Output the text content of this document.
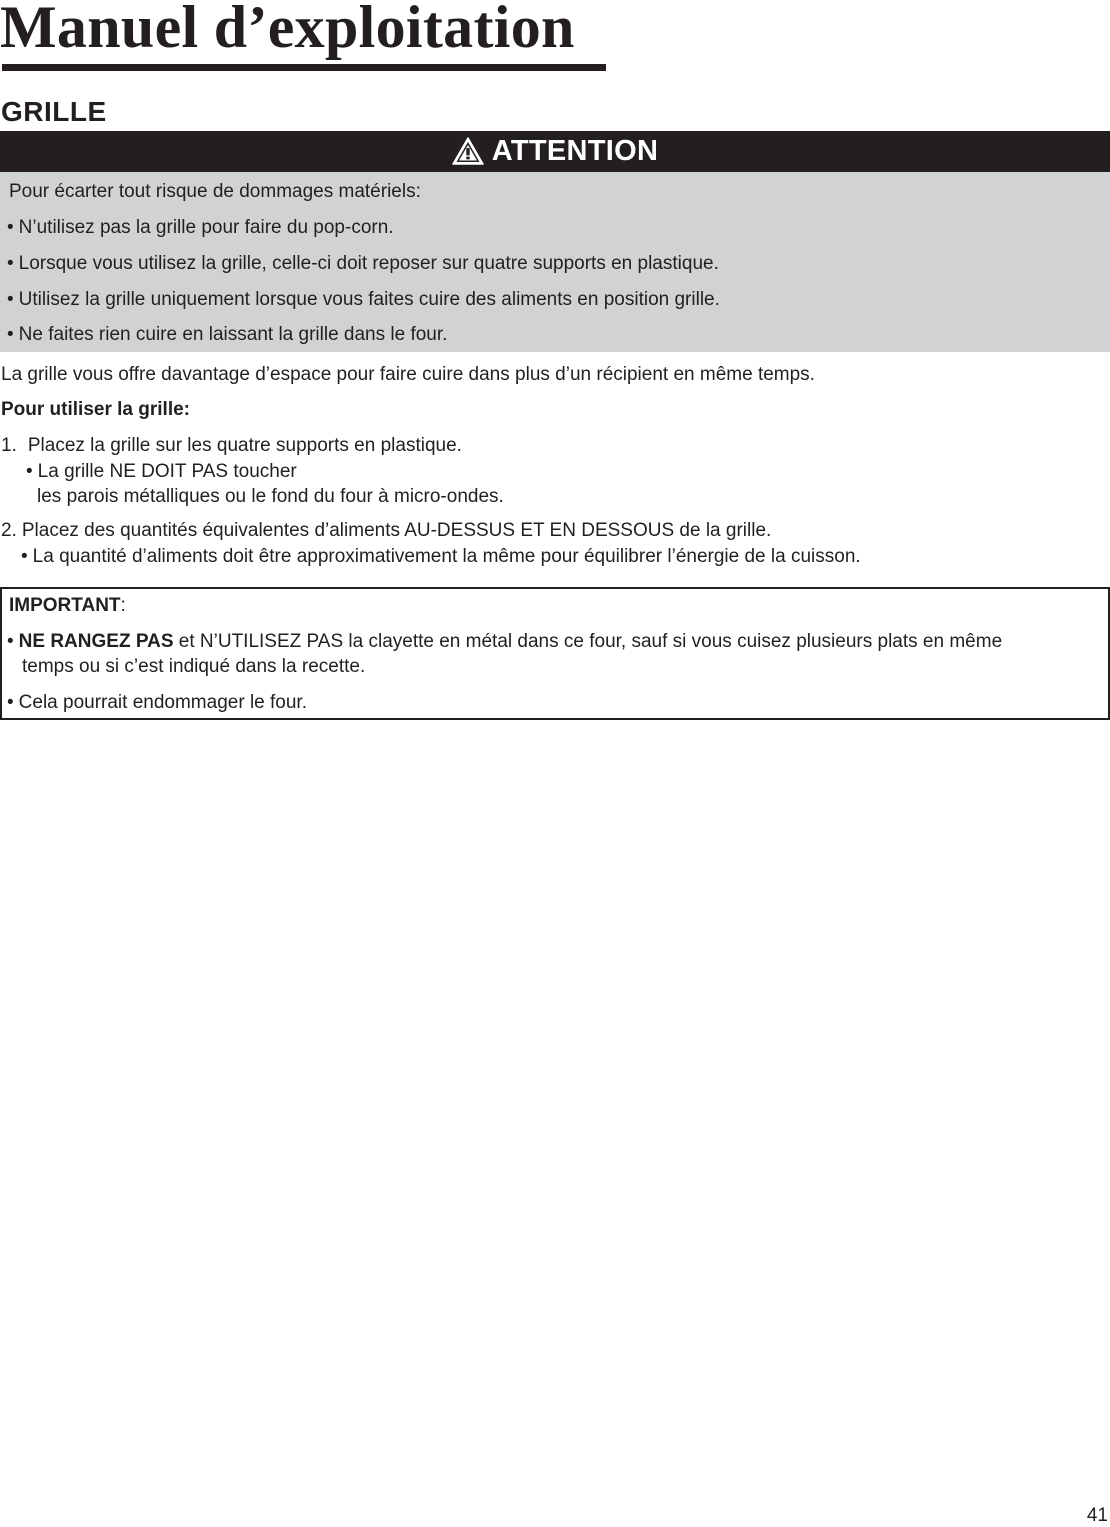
Manuel d’exploitation
GRILLE
ATTENTION
Pour écarter tout risque de dommages matériels:
• N’utilisez pas la grille pour faire du pop-corn.
• Lorsque vous utilisez la grille, celle-ci doit reposer sur quatre supports en plastique.
• Utilisez la grille uniquement lorsque vous faites cuire des aliments en position grille.
• Ne faites rien cuire en laissant la grille dans le four.
La grille vous offre davantage d’espace pour faire cuire dans plus d’un récipient en même temps.
Pour utiliser la grille:
1. Placez la grille sur les quatre supports en plastique.
• La grille NE DOIT PAS toucher
les parois métalliques ou le fond du four à micro-ondes.
2. Placez des quantités équivalentes d’aliments AU-DESSUS ET EN DESSOUS de la grille.
• La quantité d’aliments doit être approximativement la même pour équilibrer l’énergie de la cuisson.
IMPORTANT:
• NE RANGEZ PAS et N’UTILISEZ PAS la clayette en métal dans ce four, sauf si vous cuisez plusieurs plats en même
temps ou si c’est indiqué dans la recette.
• Cela pourrait endommager le four.
41
